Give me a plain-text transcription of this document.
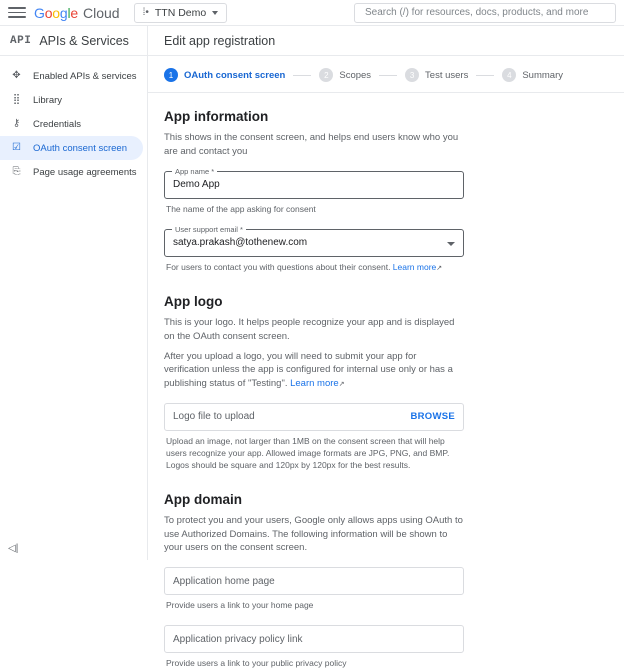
Google Cloud ⁞• TTN Demo
Search (/) for resources, docs, products, and more
API APIs & Services
✥ Enabled APIs & services
⣿ Library
⚷ Credentials
☑ OAuth consent screen
⎘ Page usage agreements
◁|
Edit app registration
1	OAuth consent screen	2	Scopes	3	Test users	4	Summary
App information
This shows in the consent screen, and helps end users know who you are and contact you
App name *
Demo App
The name of the app asking for consent
User support email *
satya.prakash@tothenew.com
For users to contact you with questions about their consent. Learn more↗
App logo
This is your logo. It helps people recognize your app and is displayed on the OAuth consent screen.
After you upload a logo, you will need to submit your app for verification unless the app is configured for internal use only or has a publishing status of "Testing". Learn more↗
Logo file to upload
BROWSE
Upload an image, not larger than 1MB on the consent screen that will help users recognize your app. Allowed image formats are JPG, PNG, and BMP. Logos should be square and 120px by 120px for the best results.
App domain
To protect you and your users, Google only allows apps using OAuth to use Authorized Domains. The following information will be shown to your users on the consent screen.
Application home page
Provide users a link to your home page
Application privacy policy link
Provide users a link to your public privacy policy
